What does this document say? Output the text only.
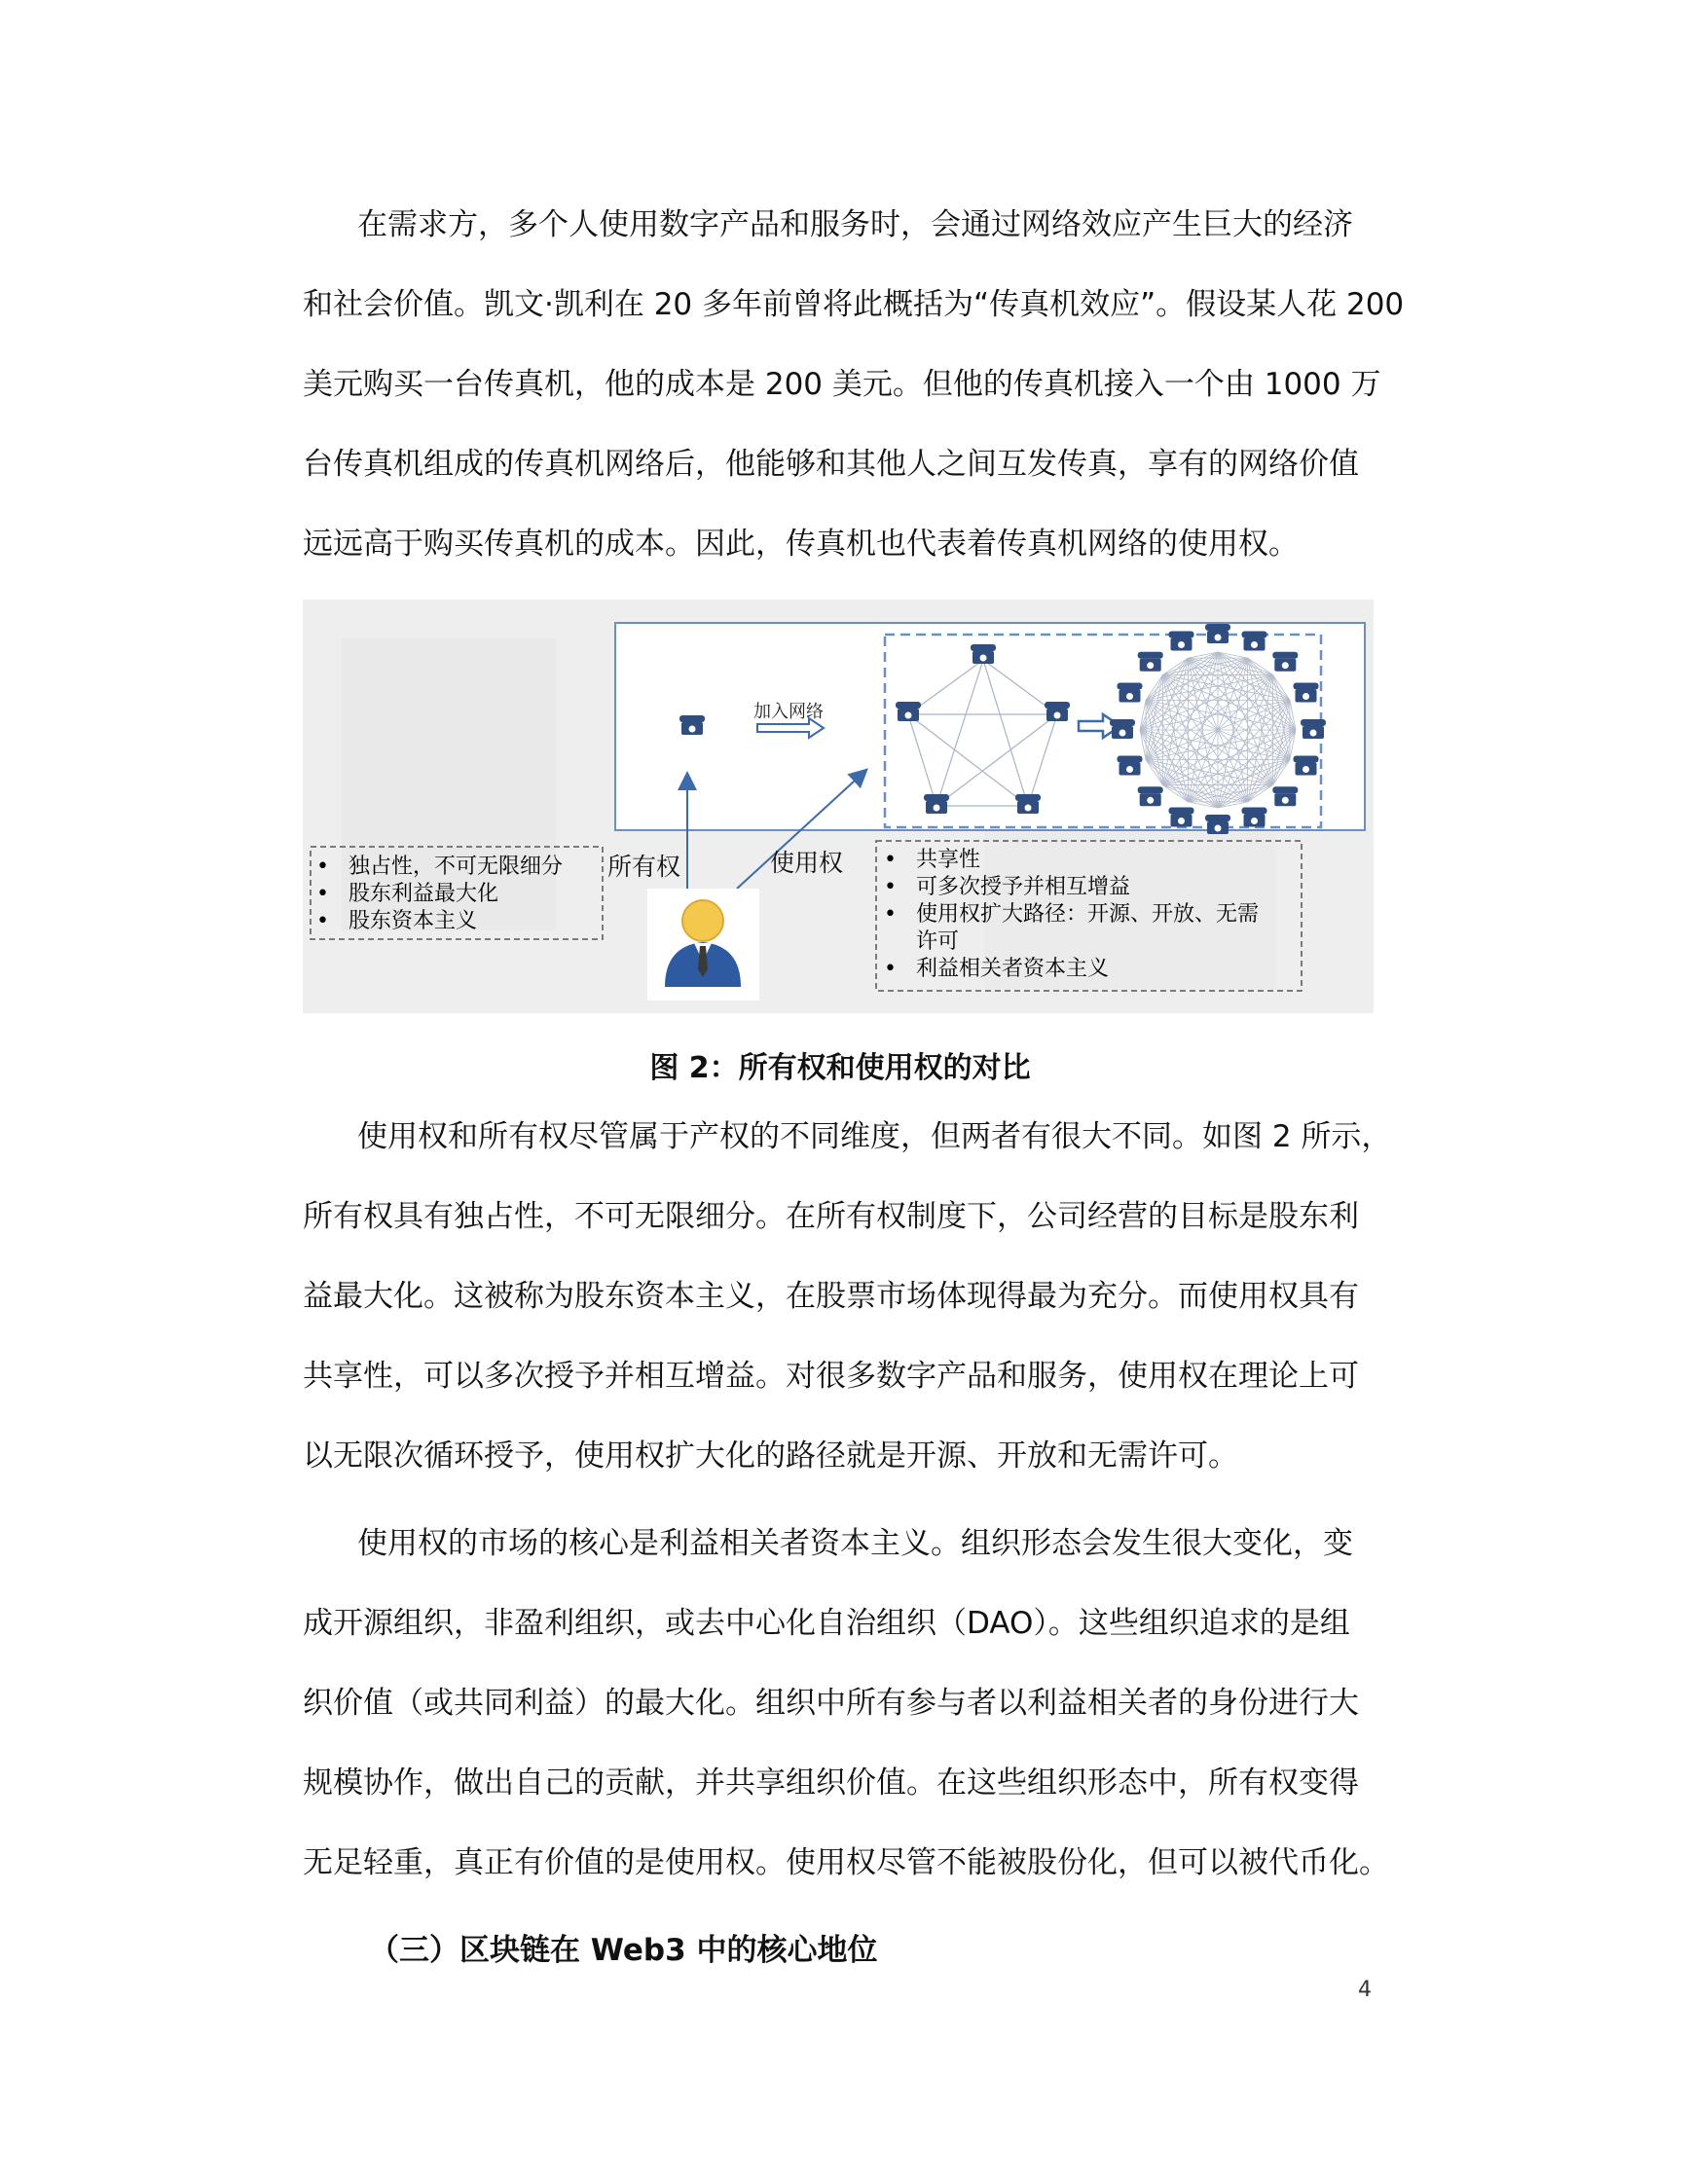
在需求方，多个人使用数字产品和服务时，会通过网络效应产生巨大的经济
和社会价值。凯文·凯利在 20 多年前曾将此概括为“传真机效应”。假设某人花 200
美元购买一台传真机，他的成本是 200 美元。但他的传真机接入一个由 1000 万
台传真机组成的传真机网络后，他能够和其他人之间互发传真，享有的网络价值
远远高于购买传真机的成本。因此，传真机也代表着传真机网络的使用权。
加入网络
所有权	使用权
• 独占性，不可无限细分
• 股东利益最大化
• 股东资本主义
• 共享性
• 可多次授予并相互增益
• 使用权扩大路径：开源、开放、无需
许可
• 利益相关者资本主义
图 2：所有权和使用权的对比
使用权和所有权尽管属于产权的不同维度，但两者有很大不同。如图 2 所示，
所有权具有独占性，不可无限细分。在所有权制度下，公司经营的目标是股东利
益最大化。这被称为股东资本主义，在股票市场体现得最为充分。而使用权具有
共享性，可以多次授予并相互增益。对很多数字产品和服务，使用权在理论上可
以无限次循环授予，使用权扩大化的路径就是开源、开放和无需许可。
使用权的市场的核心是利益相关者资本主义。组织形态会发生很大变化，变
成开源组织，非盈利组织，或去中心化自治组织（DAO）。这些组织追求的是组
织价值（或共同利益）的最大化。组织中所有参与者以利益相关者的身份进行大
规模协作，做出自己的贡献，并共享组织价值。在这些组织形态中，所有权变得
无足轻重，真正有价值的是使用权。使用权尽管不能被股份化，但可以被代币化。
（三）区块链在 Web3 中的核心地位
4
